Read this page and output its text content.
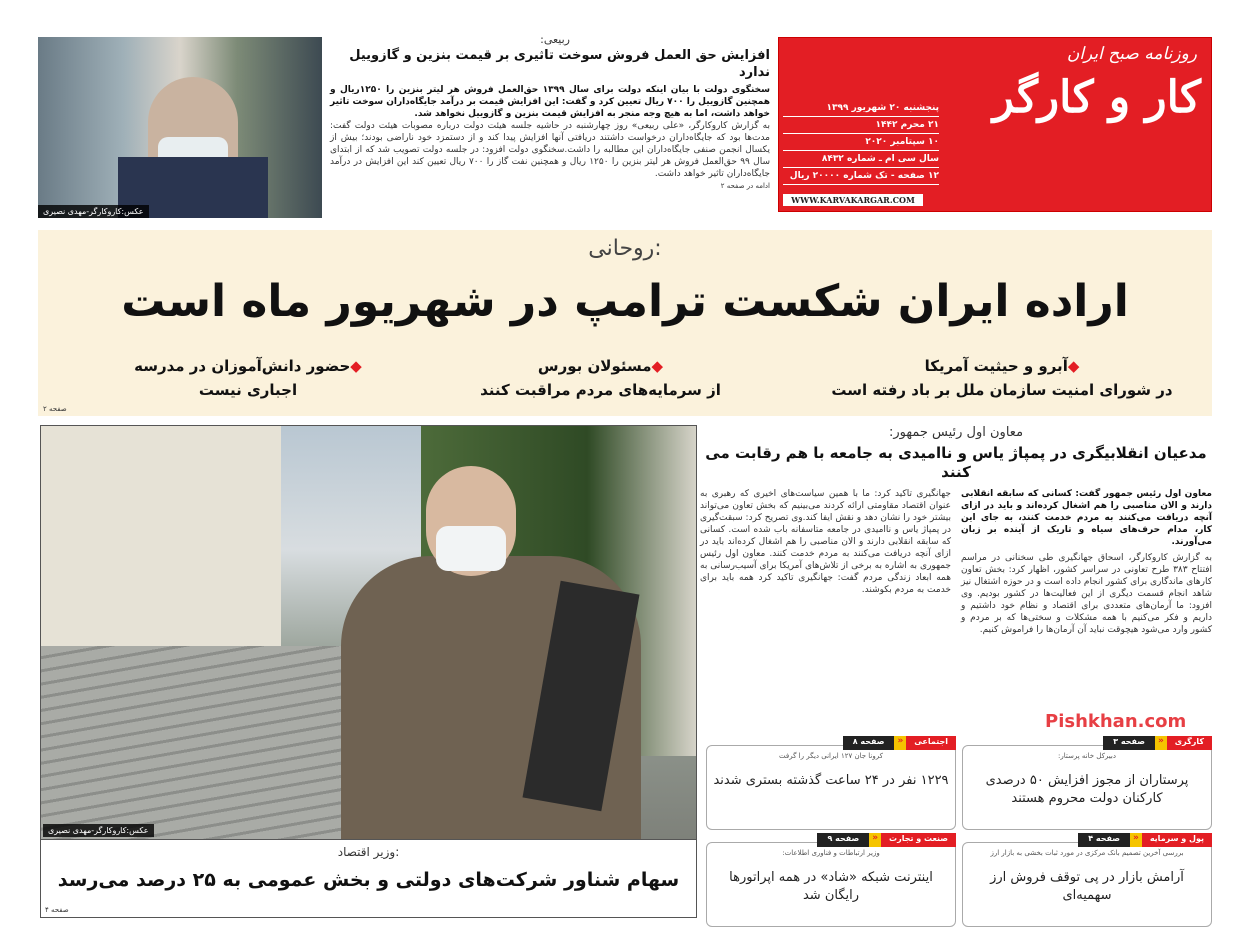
روزنامه صبح ایران
کار و کارگر
پنجشنبه ۲۰ شهریور ۱۳۹۹
۲۱ محرم ۱۴۴۲
۱۰ سپتامبر ۲۰۲۰
سال سی ام ـ شماره ۸۴۳۲
۱۲ صفحه - تک شماره ۲۰۰۰۰ ریال
WWW.KARVAKARGAR.COM
عکس:کاروکارگر-مهدی نصیری
ربیعی:
افزایش حق العمل فروش سوخت تاثیری بر قیمت بنزین و گازوییل ندارد
سخنگوی دولت با بیان اینکه دولت برای سال ۱۳۹۹ حق‌العمل فروش هر لیتر بنزین را ۱۲۵۰ریال و همچنین گازوییل را ۷۰۰ ریال تعیین کرد و گفت: این افزایش قیمت بر درآمد جایگاه‌داران سوخت تاثیر خواهد داشت، اما به هیچ وجه منجر به افزایش قیمت بنزین و گازوییل نخواهد شد.
به گزارش کاروکارگر، «علی ربیعی» روز چهارشنبه در حاشیه جلسه هیئت دولت درباره مصوبات هیئت دولت گفت: مدت‌ها بود که جایگاه‌داران درخواست داشتند دریافتی آنها افزایش پیدا کند و از دستمزد خود ناراضی بودند؛ بیش از یکسال انجمن صنفی جایگاه‌داران این مطالبه را داشت.سخنگوی دولت افزود: در جلسه دولت تصویب شد که از ابتدای سال ۹۹ حق‌العمل فروش هر لیتر بنزین را ۱۲۵۰ ریال و همچنین نفت گاز را ۷۰۰ ریال تعیین کند این افزایش در درآمد جایگاه‌داران تاثیر خواهد داشت.
ادامه در صفحه ۲
روحانی:
اراده ایران شکست ترامپ در شهریور ماه است
◆آبرو و حیثیت آمریکا
در شورای امنیت سازمان ملل بر باد رفته است
◆مسئولان بورس
از سرمایه‌های مردم مراقبت کنند
◆حضور دانش‌آموزان در مدرسه
اجباری نیست
صفحه ۲
عکس:کاروکارگر-مهدی نصیری
وزیر اقتصاد:
سهام شناور شرکت‌های دولتی و بخش عمومی به ۲۵ درصد می‌رسد
صفحه ۴
معاون اول رئیس جمهور:
مدعیان انقلابیگری در پمپاژ یاس و ناامیدی به جامعه با هم رقابت می کنند
معاون اول رئیس جمهور گفت: کسانی که سابقه انقلابی دارند و الان مناصبی را هم اشغال کرده‌اند و باید در ازای آنچه دریافت می‌کنند به مردم خدمت کنند، به جای این کار، مدام حرف‌های سیاه و تاریک از آینده بر زبان می‌آورند.
به گزارش کاروکارگر، اسحاق جهانگیری طی سخنانی در مراسم افتتاح ۳۸۳ طرح تعاونی در سراسر کشور، اظهار کرد: بخش تعاون کارهای ماندگاری برای کشور انجام داده است و در حوزه اشتغال نیز شاهد انجام قسمت دیگری از این فعالیت‌ها در کشور بودیم. وی افزود: ما آرمان‌های متعددی برای اقتصاد و نظام خود داشتیم و داریم و فکر می‌کنیم با همه مشکلات و سختی‌ها که بر مردم و کشور وارد می‌شود هیچوقت نباید آن آرمان‌ها را فراموش کنیم.
جهانگیری تاکید کرد: ما با همین سیاست‌های اخیری که رهبری به عنوان اقتصاد مقاومتی ارائه کردند می‌بینیم که بخش تعاون می‌تواند بیشتر خود را نشان دهد و نقش ایفا کند.وی تصریح کرد: سبقت‌گیری در پمپاژ یاس و ناامیدی در جامعه متاسفانه باب شده است. کسانی که سابقه انقلابی دارند و الان مناصبی را هم اشغال کرده‌اند باید در ازای آنچه دریافت می‌کنند به مردم خدمت کنند. معاون اول رئیس جمهوری به اشاره به برخی از تلاش‌های آمریکا برای آسیب‌رسانی به همه ابعاد زندگی مردم گفت: جهانگیری تاکید کرد همه باید برای خدمت به مردم بکوشند.
کارگری
«
صفحه ۳
دبیرکل خانه پرستار:
پرستاران از مجوز افزایش ۵۰ درصدی کارکنان دولت محروم هستند
اجتماعی
«
صفحه ۸
کرونا جان ۱۲۷ ایرانی دیگر را گرفت
۱۲۲۹ نفر در ۲۴ ساعت گذشته بستری شدند
پول و سرمایه
«
صفحه ۴
بررسی آخرین تصمیم بانک مرکزی در مورد ثبات بخشی به بازار ارز
آرامش بازار در پی توقف فروش ارز سهمیه‌ای
صنعت و تجارت
«
صفحه ۹
وزیر ارتباطات و فناوری اطلاعات:
اینترنت شبکه «شاد» در همه اپراتورها رایگان شد
Pishkhan.com
